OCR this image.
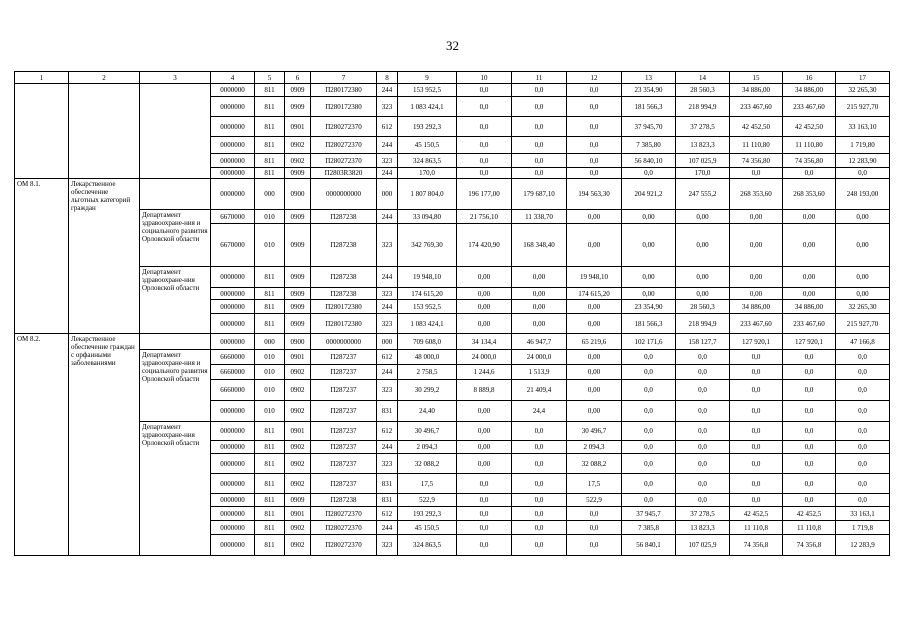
32
1	2	3	4	5	6	7	8	9	10	11	12	13	14	15	16	17
			0000000	811	0909	П280172380	244	153 952,5	0,0	0,0	0,0	23 354,90	28 560,3	34 886,00	34 886,00	32 265,30
			0000000	811	0909	П280172380	323	1 083 424,1	0,0	0,0	0,0	181 566,3	218 994,9	233 467,60	233 467,60	215 927,70
			0000000	811	0901	П280272370	612	193 292,3	0,0	0,0	0,0	37 945,70	37 278,5	42 452,50	42 452,50	33 163,10
			0000000	811	0902	П280272370	244	45 150,5	0,0	0,0	0,0	7 385,80	13 823,3	11 110,80	11 110,80	1 719,80
			0000000	811	0902	П280272370	323	324 863,5	0,0	0,0	0,0	56 840,10	107 025,9	74 356,80	74 356,80	12 283,90
			0000000	811	0909	П2803R3820	244	170,0	0,0	0,0	0,0	0,0	170,0	0,0	0,0	0,0
ОМ 8.1.	Лекарственное обеспечение льготных категорий граждан		0000000	000	0900	0000000000	000	1 807 804,0	196 177,00	179 687,10	194 563,30	204 921,2	247 555,2	268 353,60	268 353,60	248 193,00
		Департамент здравоохране-ния и социального развития Орловской области	6670000	010	0909	П287238	244	33 094,80	21 756,10	11 338,70	0,00	0,00	0,00	0,00	0,00	0,00
			6670000	010	0909	П287238	323	342 769,30	174 420,90	168 348,40	0,00	0,00	0,00	0,00	0,00	0,00
		Департамент здравоохране-ния Орловской области	0000000	811	0909	П287238	244	19 948,10	0,00	0,00	19 948,10	0,00	0,00	0,00	0,00	0,00
			0000000	811	0909	П287238	323	174 615,20	0,00	0,00	174 615,20	0,00	0,00	0,00	0,00	0,00
			0000000	811	0909	П280172380	244	153 952,5	0,00	0,00	0,00	23 354,90	28 560,3	34 886,00	34 886,00	32 265,30
			0000000	811	0909	П280172380	323	1 083 424,1	0,00	0,00	0,00	181 566,3	218 994,9	233 467,60	233 467,60	215 927,70
ОМ 8.2.	Лекарственное обеспечение граждан с орфанными заболеваниями		0000000	000	0900	0000000000	000	709 608,0	34 134,4	46 947,7	65 219,6	102 171,6	158 127,7	127 920,1	127 920,1	47 166,8
		Департамент здравоохране-ния и социального развития Орловской области	6660000	010	0901	П287237	612	48 000,0	24 000,0	24 000,0	0,00	0,0	0,0	0,0	0,0	0,0
			6660000	010	0902	П287237	244	2 758,5	1 244,6	1 513,9	0,00	0,0	0,0	0,0	0,0	0,0
			6660000	010	0902	П287237	323	30 299,2	8 889,8	21 409,4	0,00	0,0	0,0	0,0	0,0	0,0
			0000000	010	0902	П287237	831	24,40	0,00	24,4	0,00	0,0	0,0	0,0	0,0	0,0
		Департамент здравоохране-ния Орловской области	0000000	811	0901	П287237	612	30 496,7	0,00	0,0	30 496,7	0,0	0,0	0,0	0,0	0,0
			0000000	811	0902	П287237	244	2 094,3	0,00	0,0	2 094,3	0,0	0,0	0,0	0,0	0,0
			0000000	811	0902	П287237	323	32 088,2	0,00	0,0	32 088,2	0,0	0,0	0,0	0,0	0,0
			0000000	811	0902	П287237	831	17,5	0,0	0,0	17,5	0,0	0,0	0,0	0,0	0,0
			0000000	811	0909	П287238	831	522,9	0,0	0,0	522,9	0,0	0,0	0,0	0,0	0,0
			0000000	811	0901	П280272370	612	193 292,3	0,0	0,0	0,0	37 945,7	37 278,5	42 452,5	42 452,5	33 163,1
			0000000	811	0902	П280272370	244	45 150,5	0,0	0,0	0,0	7 385,8	13 823,3	11 110,8	11 110,8	1 719,8
			0000000	811	0902	П280272370	323	324 863,5	0,0	0,0	0,0	56 840,1	107 025,9	74 356,8	74 356,8	12 283,9
